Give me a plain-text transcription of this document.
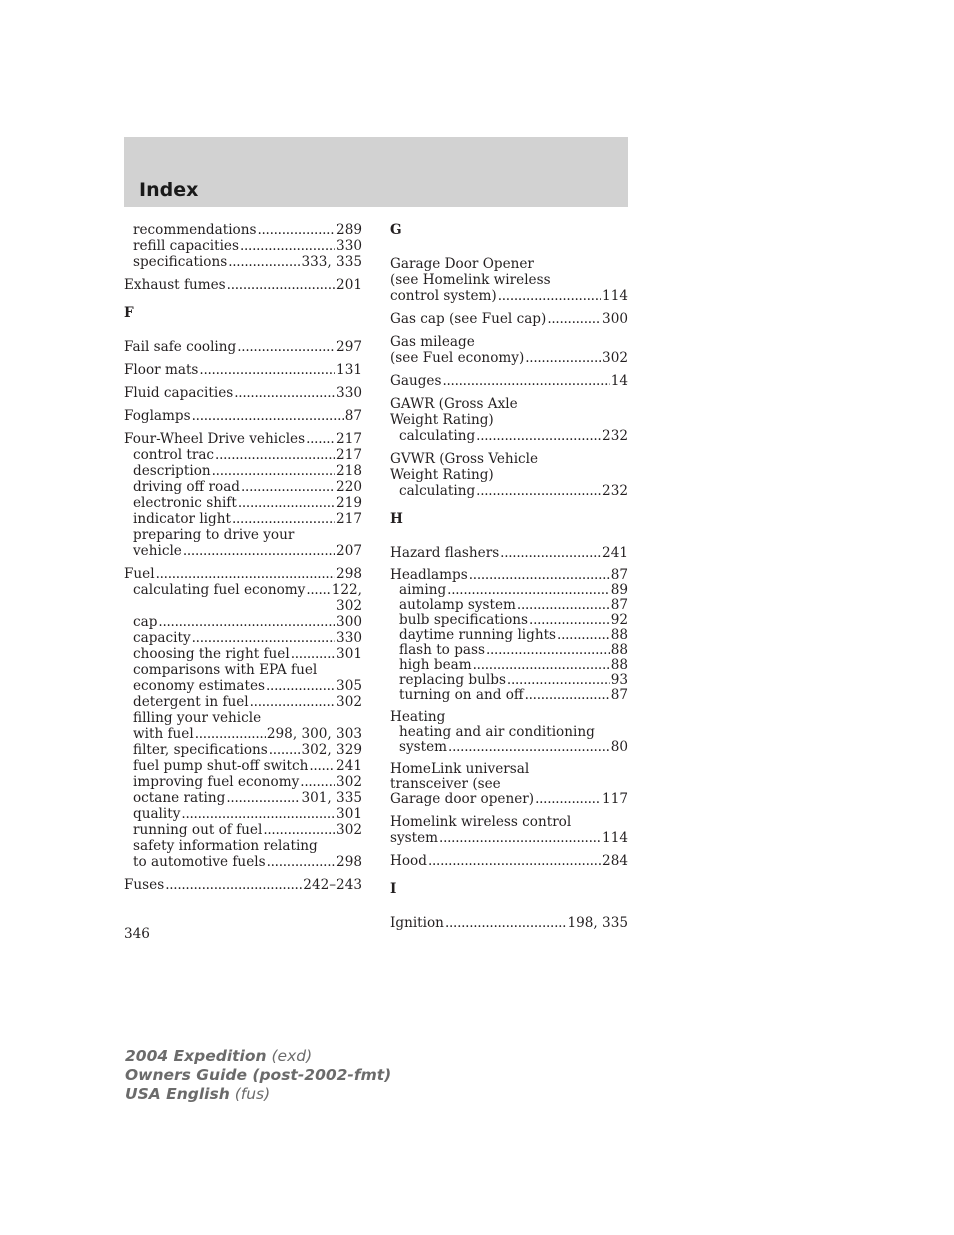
Index
recommendations . . .	289
refill capacities . . .	330
specifications . . .	333, 335
Exhaust fumes . . .	201
F
Fail safe cooling . . .	297
Floor mats . . .	131
Fluid capacities . . .	330
Foglamps . . .	87
Four-Wheel Drive vehicles . . . 217
control trac . . .	217
description . . .	218
driving off road . . .	220
electronic shift . . .	219
indicator light . . .	217
preparing to drive your
vehicle . . .	207
Fuel . . .	298
calculating fuel economy . . . 122,
302
cap . . .	300
capacity . . .	330
choosing the right fuel . . .	301
comparisons with EPA fuel
economy estimates . . .	305
detergent in fuel . . .	302
filling your vehicle
with fuel . . .	298, 300, 303
filter, specifications . . . 302, 329
fuel pump shut-off switch . . . 241
improving fuel economy . . .	302
octane rating . . .	301, 335
quality . . .	301
running out of fuel . . .	302
safety information relating
to automotive fuels . . .	298
Fuses . . .	242–243
G
Garage Door Opener
(see Homelink wireless
control system) . . .	114
Gas cap (see Fuel cap) . . .	300
Gas mileage
(see Fuel economy) . . .	302
Gauges . . .	14
GAWR (Gross Axle
Weight Rating)
calculating . . .	232
GVWR (Gross Vehicle
Weight Rating)
calculating . . .	232
H
Hazard flashers . . .	241
Headlamps . . .	87
aiming . . .	89
autolamp system . . .	87
bulb specifications . . .	92
daytime running lights . . .	88
flash to pass . . .	88
high beam . . .	88
replacing bulbs . . .	93
turning on and off . . .	87
Heating
heating and air conditioning
system . . .	80
HomeLink universal
transceiver (see
Garage door opener) . . .	117
Homelink wireless control
system . . .	114
Hood . . .	284
I
Ignition . . .	198, 335
346
2004 Expedition (exd)
Owners Guide (post-2002-fmt)
USA English (fus)
